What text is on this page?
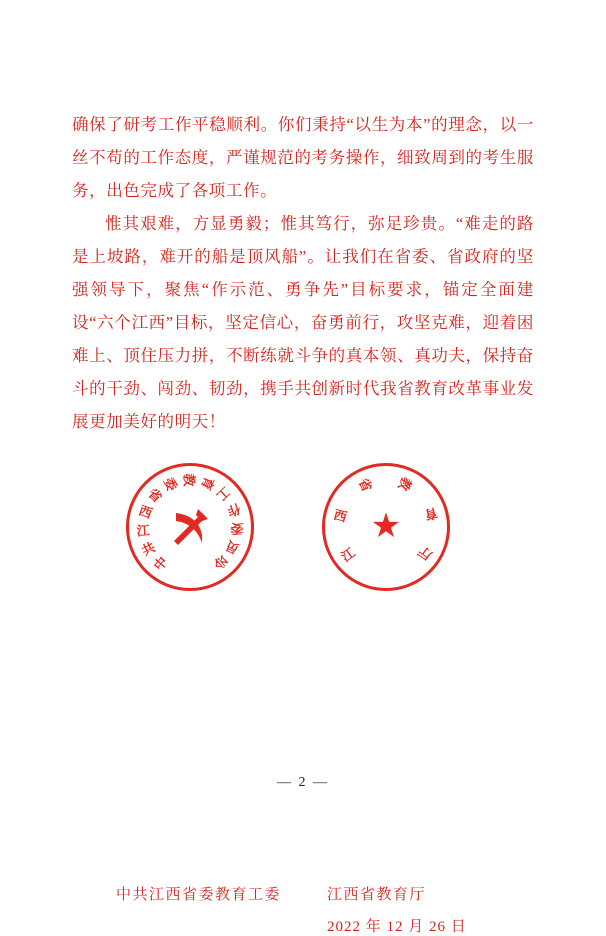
确保了研考工作平稳顺利。你们秉持“以生为本”的理念，以一丝不苟的工作态度，严谨规范的考务操作，细致周到的考生服务，出色完成了各项工作。

惟其艰难，方显勇毅；惟其笃行，弥足珍贵。“难走的路是上坡路，难开的船是顶风船”。让我们在省委、省政府的坚强领导下，聚焦“作示范、勇争先”目标要求，锚定全面建设“六个江西”目标，坚定信心，奋勇前行，攻坚克难，迎着困难上、顶住压力拼，不断练就斗争的真本领、真功夫，保持奋斗的干劲、闯劲、韧劲，携手共创新时代我省教育改革事业发展更加美好的明天！

中
共
江
西
省
委 教 育
工
作
委
员
会	江
西
省 教
育
厅
★
中共江西省委教育工委	江西省教育厅
2022 年 12 月 26 日
— 2 —
